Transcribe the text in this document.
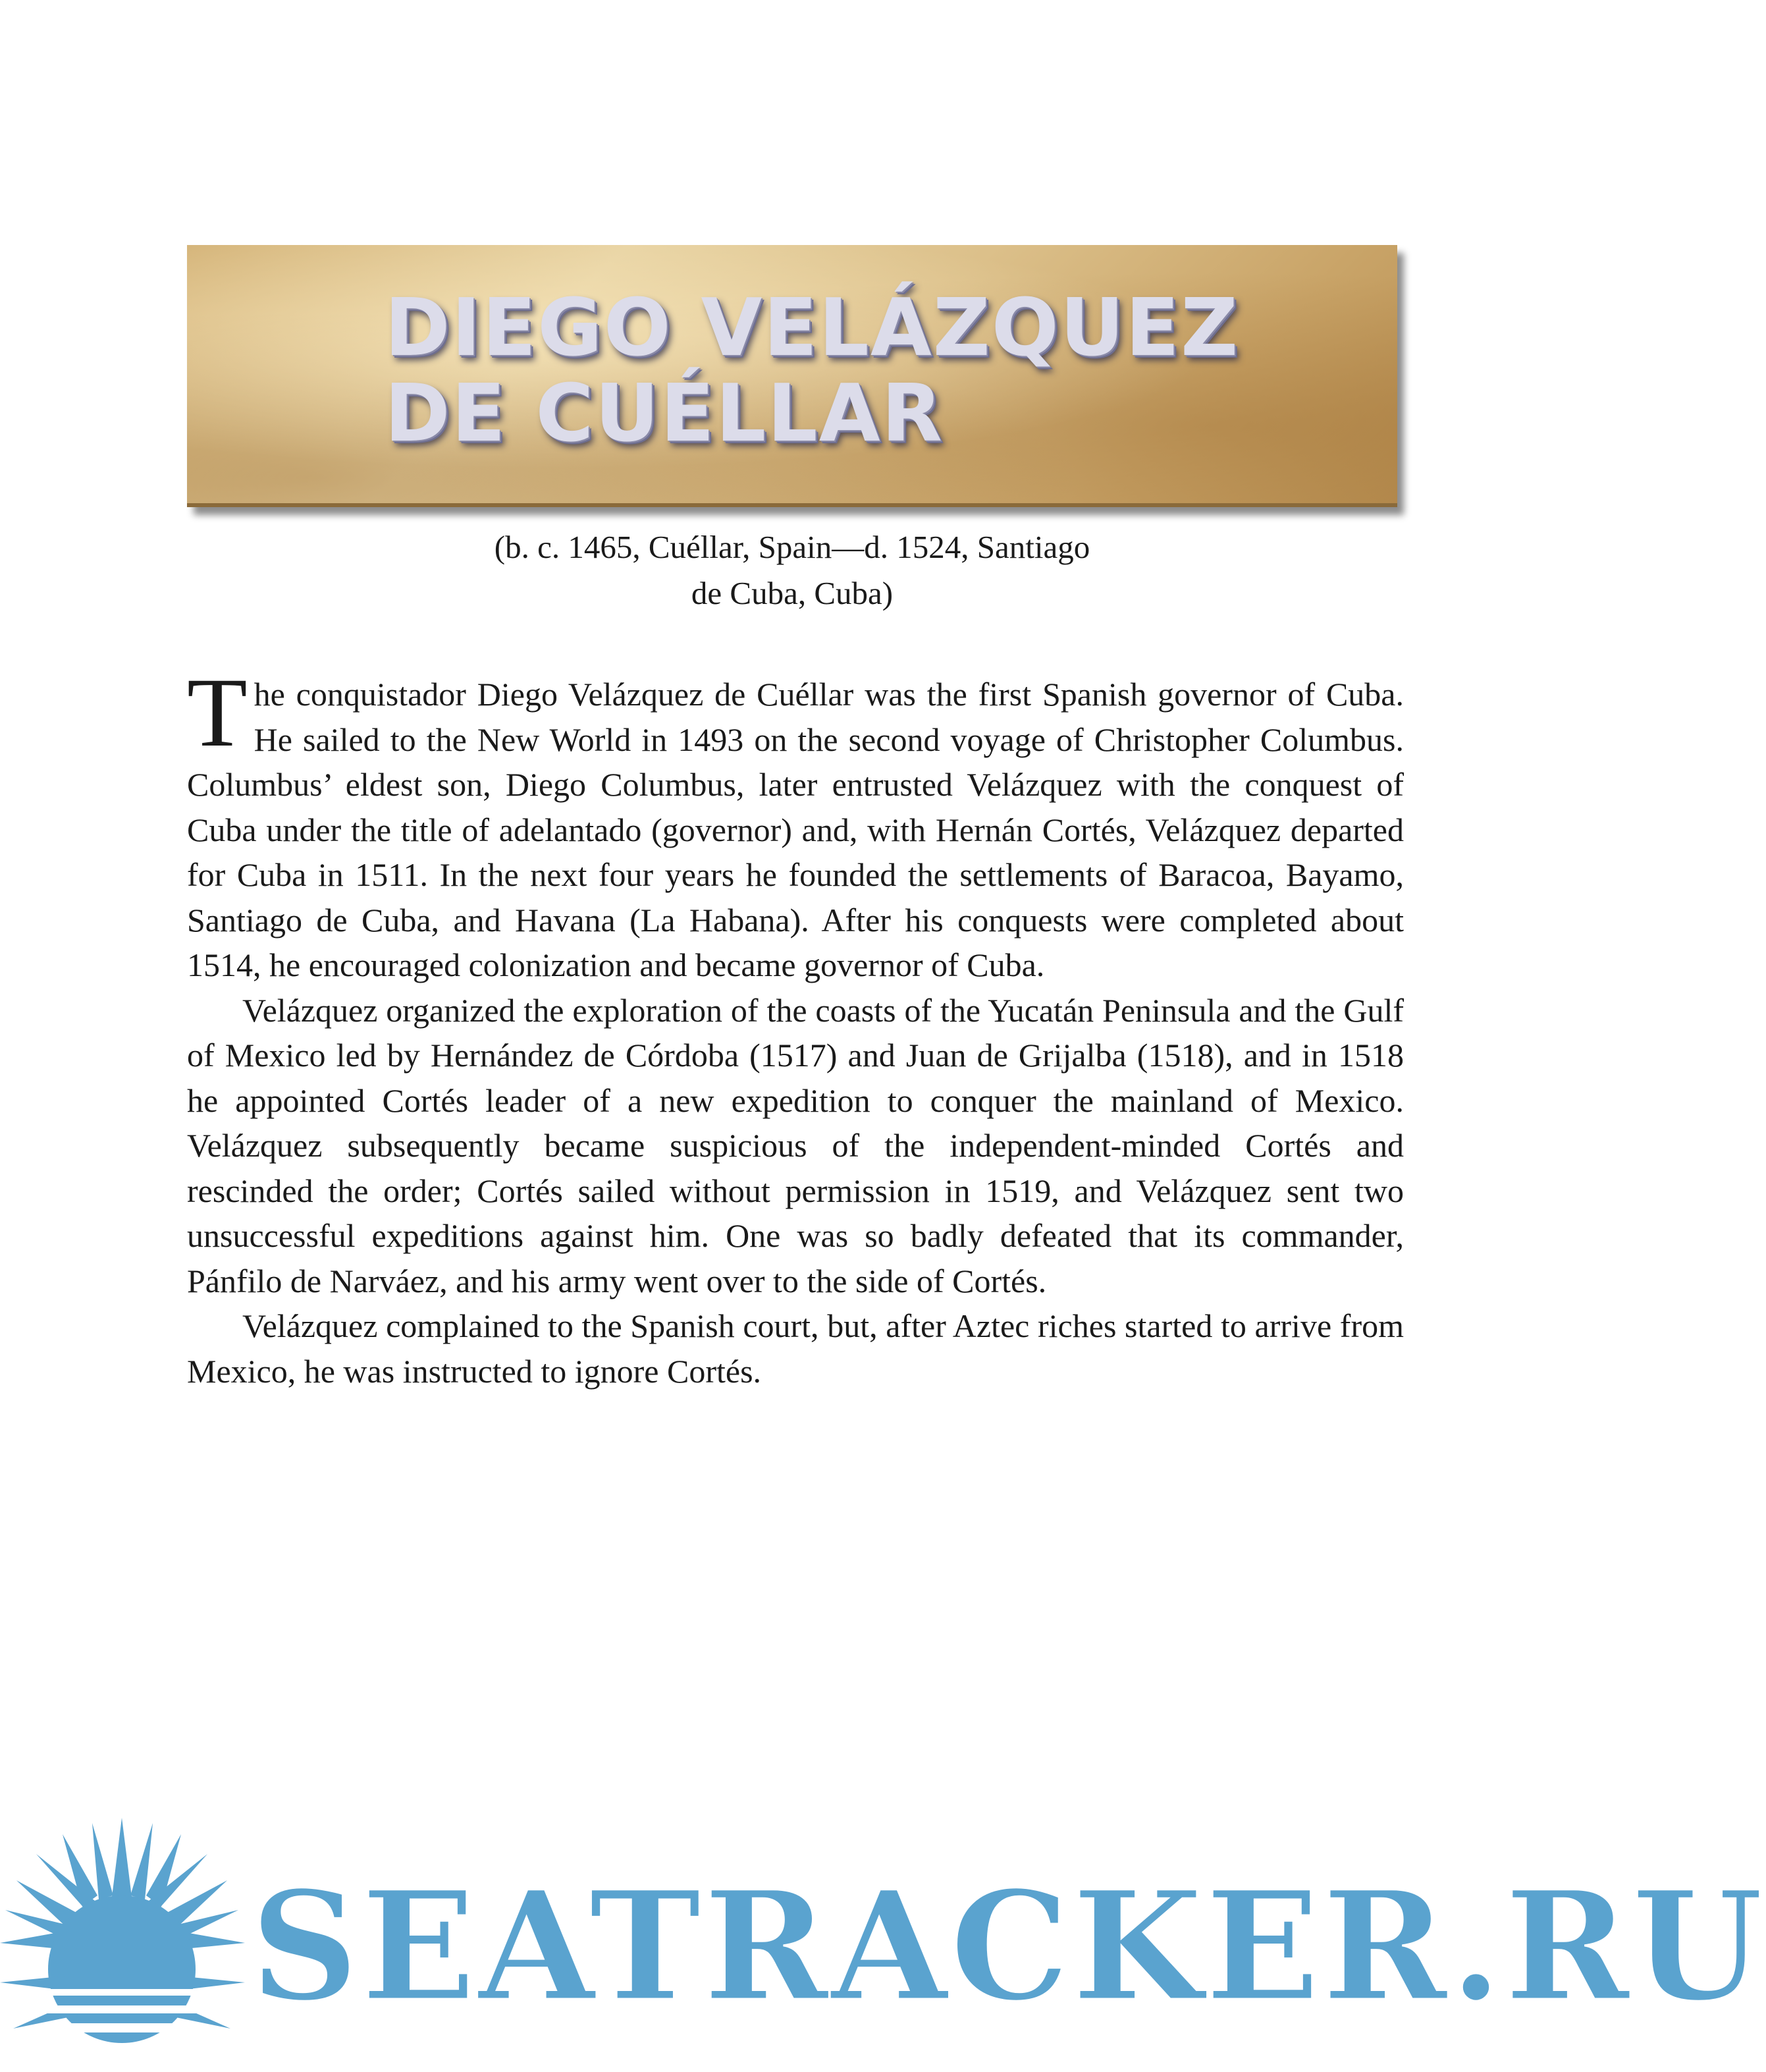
DIEGO VELÁZQUEZ
DE CUÉLLAR

(b. c. 1465, Cuéllar, Spain—d. 1524, Santiago
de Cuba, Cuba)

The conquistador Diego Velázquez de Cuéllar was the first Spanish governor of Cuba. He sailed to the New World in 1493 on the second voyage of Christopher Columbus. Columbus’ eldest son, Diego Columbus, later entrusted Velázquez with the conquest of Cuba under the title of adelantado (governor) and, with Hernán Cortés, Velázquez departed for Cuba in 1511. In the next four years he founded the settlements of Baracoa, Bayamo, Santiago de Cuba, and Havana (La Habana). After his conquests were completed about 1514, he encouraged colonization and became governor of Cuba.

Velázquez organized the exploration of the coasts of the Yucatán Peninsula and the Gulf of Mexico led by Hernández de Córdoba (1517) and Juan de Grijalba (1518), and in 1518 he appointed Cortés leader of a new expedition to conquer the mainland of Mexico. Velázquez subsequently became suspicious of the independent-minded Cortés and rescinded the order; Cortés sailed without permission in 1519, and Velázquez sent two unsuccessful expeditions against him. One was so badly defeated that its commander, Pánfilo de Narváez, and his army went over to the side of Cortés.

Velázquez complained to the Spanish court, but, after Aztec riches started to arrive from Mexico, he was instructed to ignore Cortés.

SEATRACKER.RU
